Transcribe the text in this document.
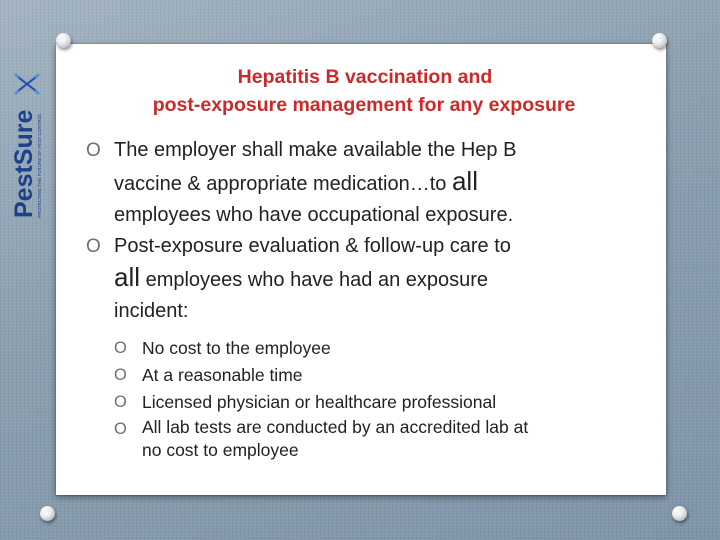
PestSure PROTECTING THE FUTURE OF PEST CONTROL
Hepatitis B vaccination and
post-exposure management for any exposure
O The employer shall make available the Hep B
vaccine & appropriate medication…to all
employees who have occupational exposure.
O Post-exposure evaluation & follow-up care to
all employees who have had an exposure
incident:
O No cost to the employee
O At a reasonable time
O Licensed physician or healthcare professional
O All lab tests are conducted by an accredited lab at
no cost to employee
